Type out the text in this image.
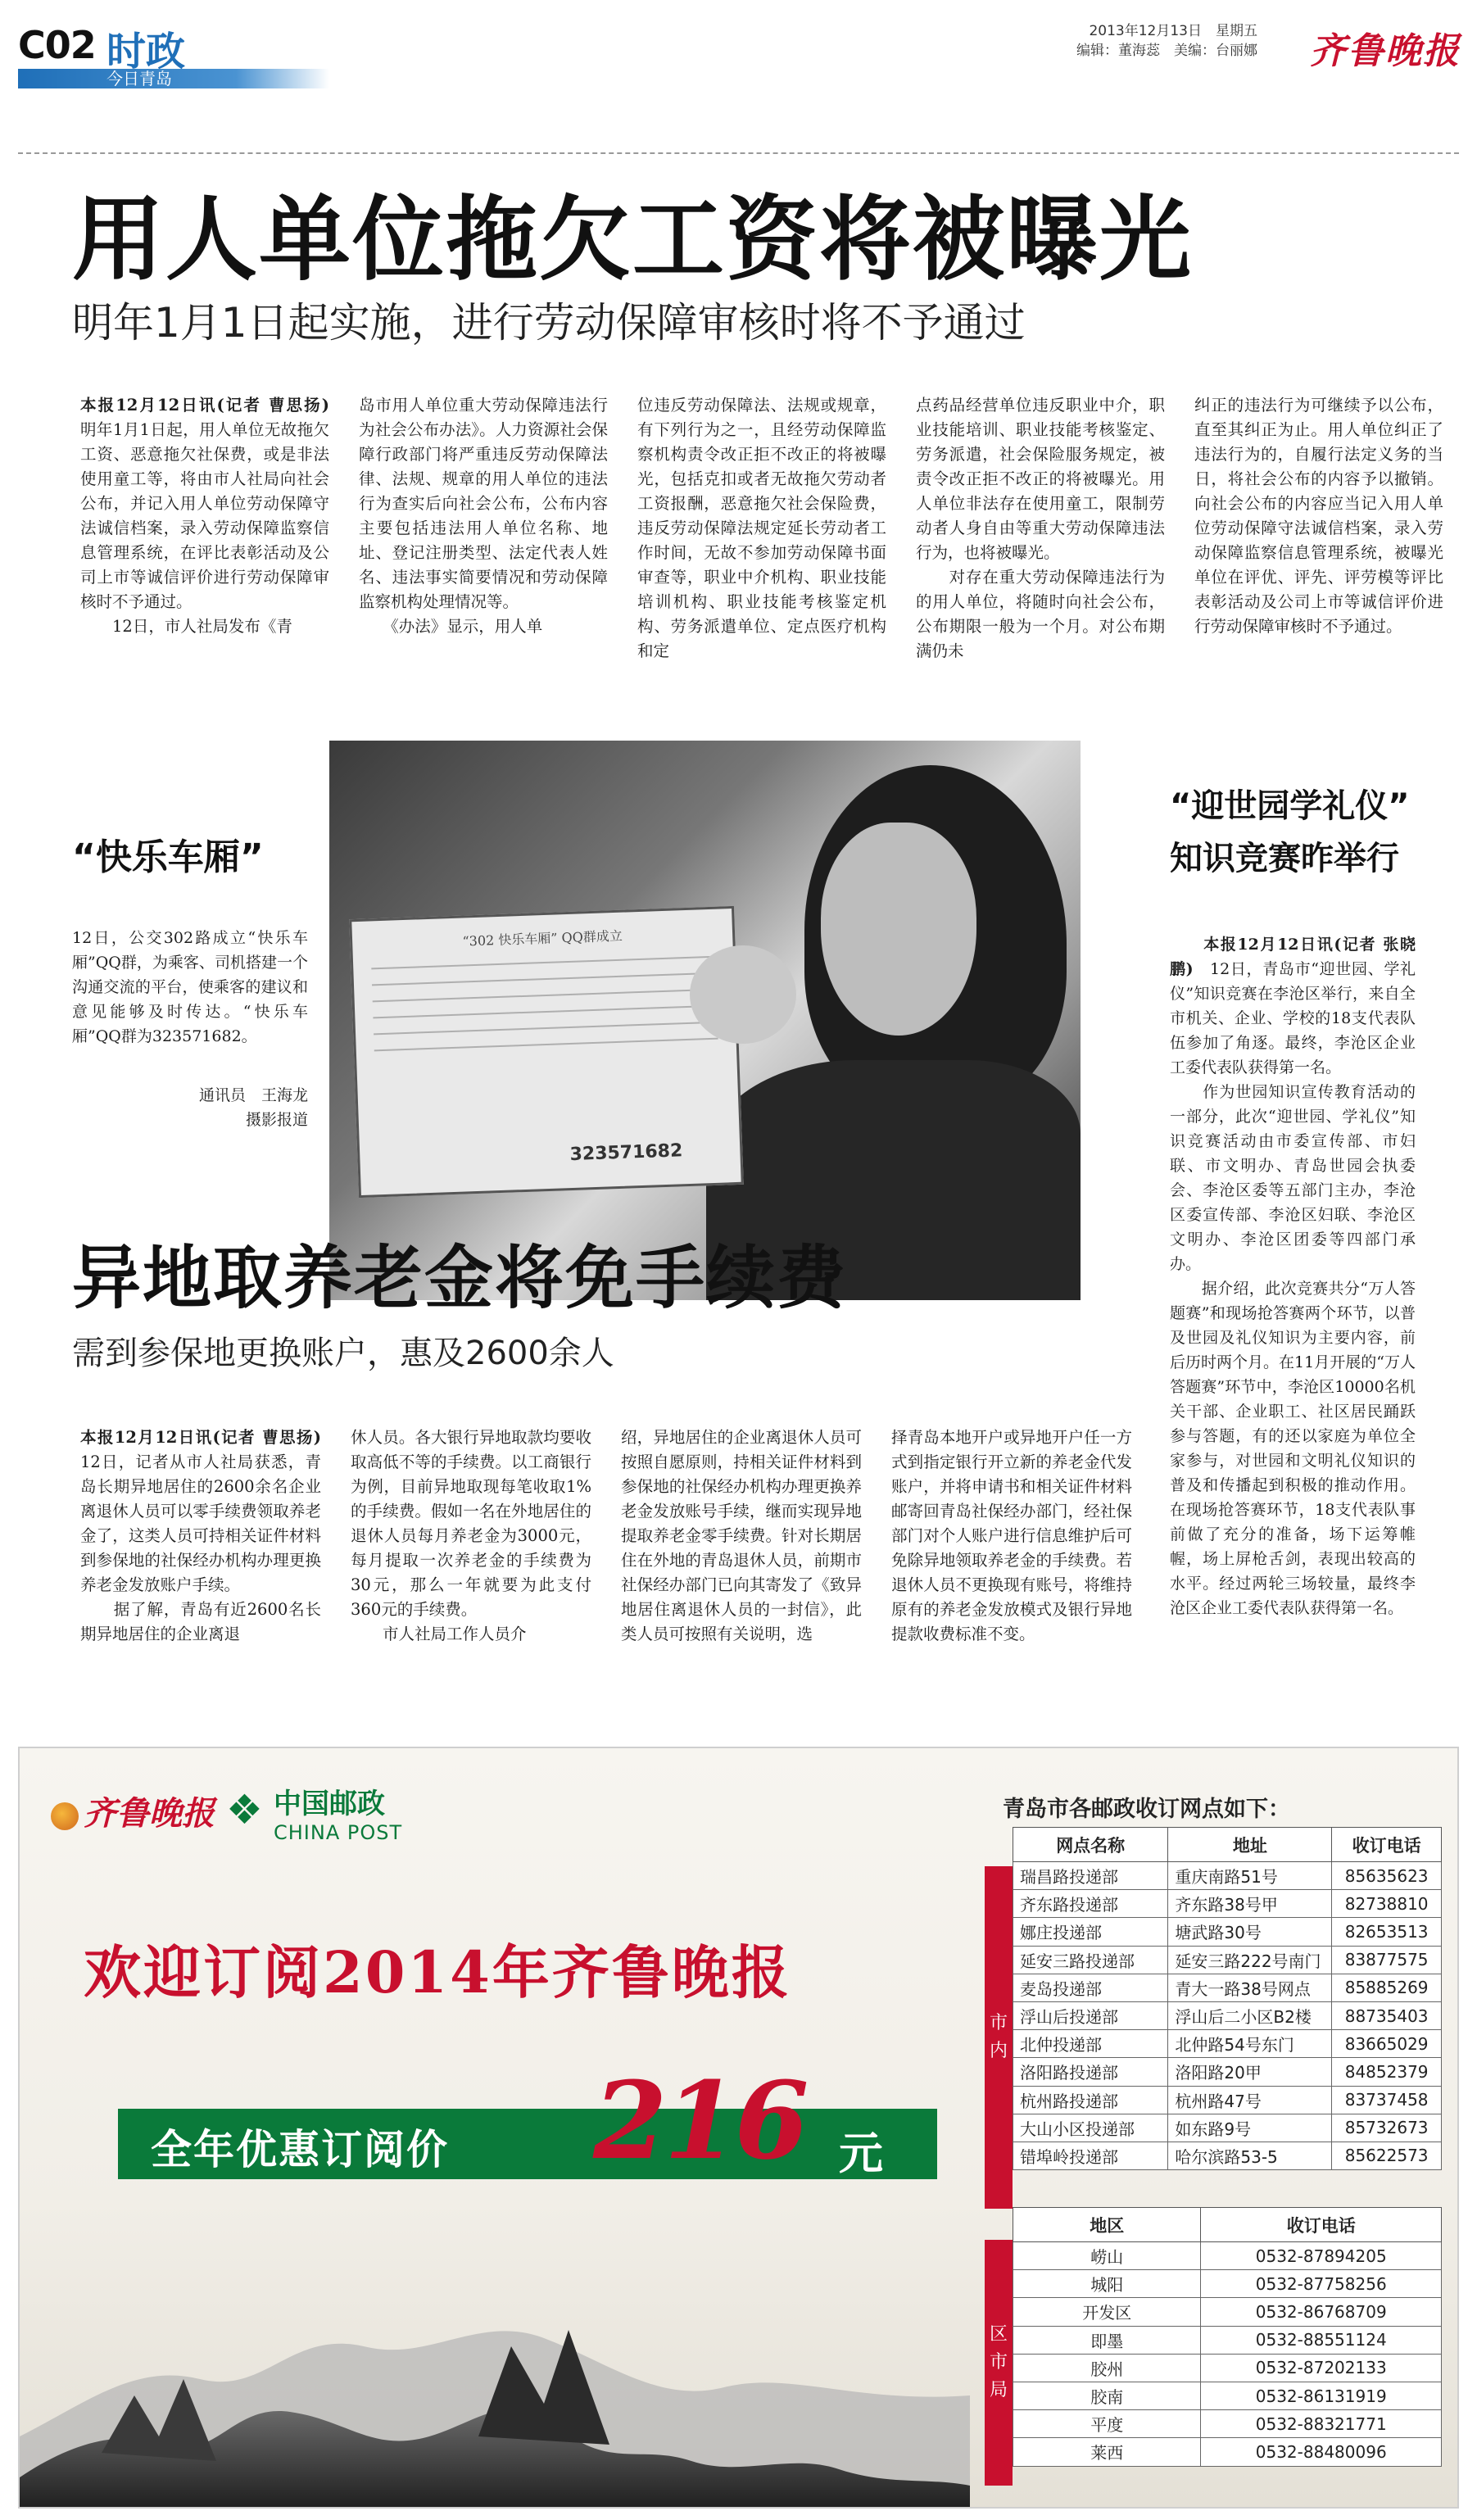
C02 时政
今日青岛
2013年12月13日　星期五
编辑：董海蕊　美编：台丽娜 齐鲁晚报
用人单位拖欠工资将被曝光
明年1月1日起实施，进行劳动保障审核时将不予通过
本报12月12日讯(记者 曹思扬)　明年1月1日起，用人单位无故拖欠工资、恶意拖欠社保费，或是非法使用童工等，将由市人社局向社会公布，并记入用人单位劳动保障守法诚信档案，录入劳动保障监察信息管理系统，在评比表彰活动及公司上市等诚信评价进行劳动保障审核时不予通过。
　　12日，市人社局发布《青
岛市用人单位重大劳动保障违法行为社会公布办法》。人力资源社会保障行政部门将严重违反劳动保障法律、法规、规章的用人单位的违法行为查实后向社会公布，公布内容主要包括违法用人单位名称、地址、登记注册类型、法定代表人姓名、违法事实简要情况和劳动保障监察机构处理情况等。
　　《办法》显示，用人单
位违反劳动保障法、法规或规章，有下列行为之一，且经劳动保障监察机构责令改正拒不改正的将被曝光，包括克扣或者无故拖欠劳动者工资报酬，恶意拖欠社会保险费，违反劳动保障法规定延长劳动者工作时间，无故不参加劳动保障书面审查等，职业中介机构、职业技能培训机构、职业技能考核鉴定机构、劳务派遣单位、定点医疗机构和定
点药品经营单位违反职业中介，职业技能培训、职业技能考核鉴定、劳务派遣，社会保险服务规定，被责令改正拒不改正的将被曝光。用人单位非法存在使用童工，限制劳动者人身自由等重大劳动保障违法行为，也将被曝光。
　　对存在重大劳动保障违法行为的用人单位，将随时向社会公布，公布期限一般为一个月。对公布期满仍未
纠正的违法行为可继续予以公布，直至其纠正为止。用人单位纠正了违法行为的，自履行法定义务的当日，将社会公布的内容予以撤销。向社会公布的内容应当记入用人单位劳动保障守法诚信档案，录入劳动保障监察信息管理系统，被曝光单位在评优、评先、评劳模等评比表彰活动及公司上市等诚信评价进行劳动保障审核时不予通过。
“快乐车厢”
12日，公交302路成立“快乐车厢”QQ群，为乘客、司机搭建一个沟通交流的平台，使乘客的建议和意见能够及时传达。“快乐车厢”QQ群为323571682。
通讯员　王海龙
摄影报道
“302 快乐车厢” QQ群成立
323571682
“迎世园学礼仪”
知识竞赛昨举行
　　本报12月12日讯(记者 张晓鹏)　 12日，青岛市“迎世园、学礼仪”知识竞赛在李沧区举行，来自全市机关、企业、学校的18支代表队伍参加了角逐。最终，李沧区企业工委代表队获得第一名。
　　作为世园知识宣传教育活动的一部分，此次“迎世园、学礼仪”知识竞赛活动由市委宣传部、市妇联、市文明办、青岛世园会执委会、李沧区委等五部门主办，李沧区委宣传部、李沧区妇联、李沧区文明办、李沧区团委等四部门承办。
　　据介绍，此次竞赛共分“万人答题赛”和现场抢答赛两个环节，以普及世园及礼仪知识为主要内容，前后历时两个月。在11月开展的“万人答题赛”环节中，李沧区10000名机关干部、企业职工、社区居民踊跃参与答题，有的还以家庭为单位全家参与，对世园和文明礼仪知识的普及和传播起到积极的推动作用。在现场抢答赛环节，18支代表队事前做了充分的准备，场下运筹帷幄，场上屏枪舌剑，表现出较高的水平。经过两轮三场较量，最终李沧区企业工委代表队获得第一名。
异地取养老金将免手续费
需到参保地更换账户，惠及2600余人
本报12月12日讯(记者 曹思扬)　12日，记者从市人社局获悉，青岛长期异地居住的2600余名企业离退休人员可以零手续费领取养老金了，这类人员可持相关证件材料到参保地的社保经办机构办理更换养老金发放账户手续。
　　据了解，青岛有近2600名长期异地居住的企业离退
休人员。各大银行异地取款均要收取高低不等的手续费。以工商银行为例，目前异地取现每笔收取1%的手续费。假如一名在外地居住的退休人员每月养老金为3000元，每月提取一次养老金的手续费为30元，那么一年就要为此支付360元的手续费。
　　市人社局工作人员介
绍，异地居住的企业离退休人员可按照自愿原则，持相关证件材料到参保地的社保经办机构办理更换养老金发放账号手续，继而实现异地提取养老金零手续费。针对长期居住在外地的青岛退休人员，前期市社保经办部门已向其寄发了《致异地居住离退休人员的一封信》，此类人员可按照有关说明，选
择青岛本地开户或异地开户任一方式到指定银行开立新的养老金代发账户，并将申请书和相关证件材料邮寄回青岛社保经办部门，经社保部门对个人账户进行信息维护后可免除异地领取养老金的手续费。若退休人员不更换现有账号，将维持原有的养老金发放模式及银行异地提款收费标准不变。
齐鲁晚报 ❖ 中国邮政
CHINA POST
欢迎订阅2014年齐鲁晚报
全年优惠订阅价 216 元
青岛市各邮政收订网点如下：
市内
网点名称	地址	收订电话
瑞昌路投递部	重庆南路51号	85635623
齐东路投递部	齐东路38号甲	82738810
娜庄投递部	塘武路30号	82653513
延安三路投递部	延安三路222号南门	83877575
麦岛投递部	青大一路38号网点	85885269
浮山后投递部	浮山后二小区B2楼	88735403
北仲投递部	北仲路54号东门	83665029
洛阳路投递部	洛阳路20甲	84852379
杭州路投递部	杭州路47号	83737458
大山小区投递部	如东路9号	85732673
错埠岭投递部	哈尔滨路53-5	85622573
区市局
地区	收订电话
崂山	0532-87894205
城阳	0532-87758256
开发区	0532-86768709
即墨	0532-88551124
胶州	0532-87202133
胶南	0532-86131919
平度	0532-88321771
莱西	0532-88480096
